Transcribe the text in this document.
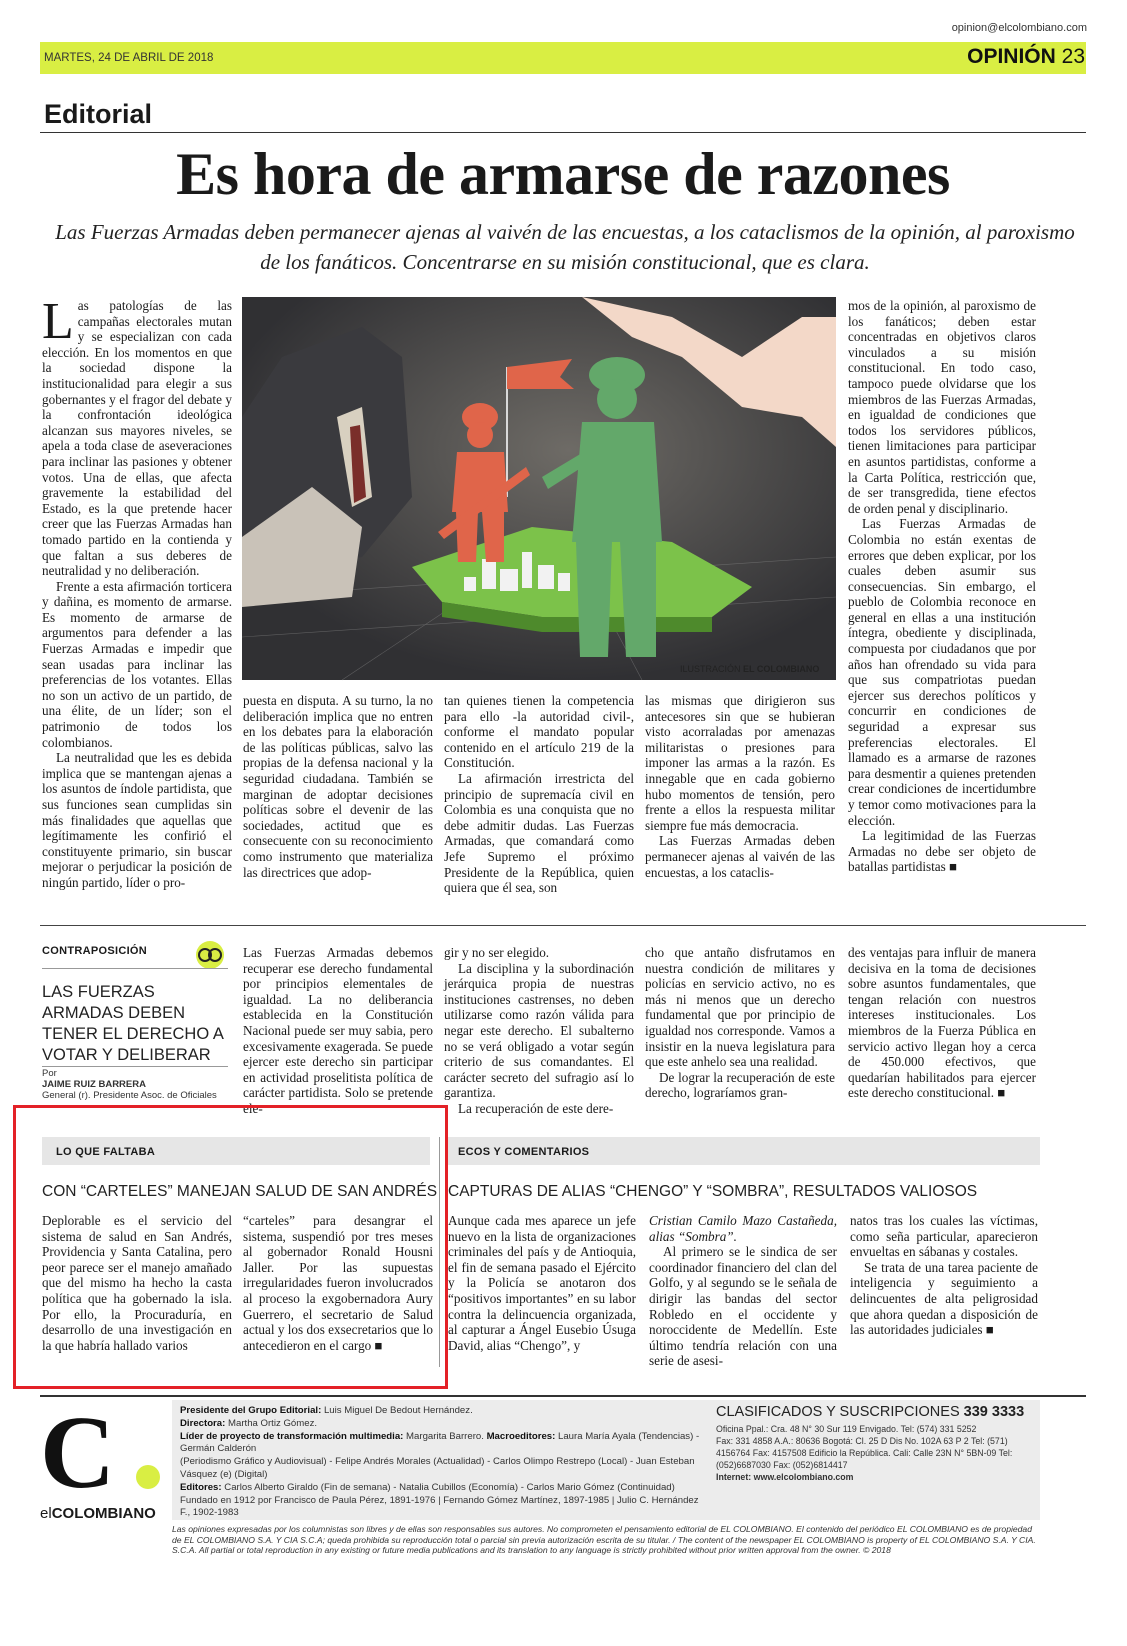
opinion@elcolombiano.com
MARTES, 24 DE ABRIL DE 2018	OPINIÓN 23
Editorial
Es hora de armarse de razones
Las Fuerzas Armadas deben permanecer ajenas al vaivén de las encuestas, a los cataclismos de la opinión, al paroxismo de los fanáticos. Concentrarse en su misión constitucional, que es clara.

Las patologías de las campañas electorales mutan y se especializan con cada elección. En los momentos en que la sociedad dispone la institucionalidad para elegir a sus gobernantes y el fragor del debate y la confrontación ideológica alcanzan sus mayores niveles, se apela a toda clase de aseveraciones para inclinar las pasiones y obtener votos. Una de ellas, que afecta gravemente la estabilidad del Estado, es la que pretende hacer creer que las Fuerzas Armadas han tomado partido en la contienda y que faltan a sus deberes de neutralidad y no deliberación.

Frente a esta afirmación torticera y dañina, es momento de armarse. Es momento de armarse de argumentos para defender a las Fuerzas Armadas e impedir que sean usadas para inclinar las preferencias de los votantes. Ellas no son un activo de un partido, de una élite, de un líder; son el patrimonio de todos los colombianos.

La neutralidad que les es debida implica que se mantengan ajenas a los asuntos de índole partidista, que sus funciones sean cumplidas sin más finalidades que aquellas que legítimamente les confirió el constituyente primario, sin buscar mejorar o perjudicar la posición de ningún partido, líder o pro-

ILUSTRACIÓN EL COLOMBIANO

puesta en disputa. A su turno, la no deliberación implica que no entren en los debates para la elaboración de las políticas públicas, salvo las propias de la defensa nacional y la seguridad ciudadana. También se marginan de adoptar decisiones políticas sobre el devenir de las sociedades, actitud que es consecuente con su reconocimiento como instrumento que materializa las directrices que adop-

tan quienes tienen la competencia para ello -la autoridad civil-, conforme el mandato popular contenido en el artículo 219 de la Constitución.

La afirmación irrestricta del principio de supremacía civil en Colombia es una conquista que no debe admitir dudas. Las Fuerzas Armadas, que comandará como Jefe Supremo el próximo Presidente de la República, quien quiera que él sea, son

las mismas que dirigieron sus antecesores sin que se hubieran visto acorraladas por amenazas militaristas o presiones para imponer las armas a la razón. Es innegable que en cada gobierno hubo momentos de tensión, pero frente a ellos la respuesta militar siempre fue más democracia.

Las Fuerzas Armadas deben permanecer ajenas al vaivén de las encuestas, a los cataclis-

mos de la opinión, al paroxismo de los fanáticos; deben estar concentradas en objetivos claros vinculados a su misión constitucional. En todo caso, tampoco puede olvidarse que los miembros de las Fuerzas Armadas, en igualdad de condiciones que todos los servidores públicos, tienen limitaciones para participar en asuntos partidistas, conforme a la Carta Política, restricción que, de ser transgredida, tiene efectos de orden penal y disciplinario.

Las Fuerzas Armadas de Colombia no están exentas de errores que deben explicar, por los cuales deben asumir sus consecuencias. Sin embargo, el pueblo de Colombia reconoce en general en ellas a una institución íntegra, obediente y disciplinada, compuesta por ciudadanos que por años han ofrendado su vida para que sus compatriotas puedan ejercer sus derechos políticos y concurrir en condiciones de seguridad a expresar sus preferencias electorales. El llamado es a armarse de razones para desmentir a quienes pretenden crear condiciones de incertidumbre y temor como motivaciones para la elección.

La legitimidad de las Fuerzas Armadas no debe ser objeto de batallas partidistas ■

CONTRAPOSICIÓN
LAS FUERZAS ARMADAS DEBEN TENER EL DERECHO A VOTAR Y DELIBERAR
Por
JAIME RUIZ BARRERA
General (r). Presidente Asoc. de Oficiales

Las Fuerzas Armadas debemos recuperar ese derecho fundamental por principios elementales de igualdad. La no deliberancia establecida en la Constitución Nacional puede ser muy sabia, pero excesivamente exagerada. Se puede ejercer este derecho sin participar en actividad proselitista política de carácter partidista. Solo se pretende ele-

gir y no ser elegido.

La disciplina y la subordinación jerárquica propia de nuestras instituciones castrenses, no deben utilizarse como razón válida para negar este derecho. El subalterno no se verá obligado a votar según criterio de sus comandantes. El carácter secreto del sufragio así lo garantiza.

La recuperación de este dere-

cho que antaño disfrutamos en nuestra condición de militares y policías en servicio activo, no es más ni menos que un derecho fundamental que por principio de igualdad nos corresponde. Vamos a insistir en la nueva legislatura para que este anhelo sea una realidad.

De lograr la recuperación de este derecho, lograríamos gran-

des ventajas para influir de manera decisiva en la toma de decisiones sobre asuntos fundamentales, que tengan relación con nuestros intereses institucionales. Los miembros de la Fuerza Pública en servicio activo llegan hoy a cerca de 450.000 efectivos, que quedarían habilitados para ejercer este derecho constitucional. ■

LO QUE FALTABA	ECOS Y COMENTARIOS
CON “CARTELES” MANEJAN SALUD DE SAN ANDRÉS CAPTURAS DE ALIAS “CHENGO” Y “SOMBRA”, RESULTADOS VALIOSOS

Deplorable es el servicio del sistema de salud en San Andrés, Providencia y Santa Catalina, pero peor parece ser el manejo amañado que del mismo ha hecho la casta política que ha gobernado la isla. Por ello, la Procuraduría, en desarrollo de una investigación en la que habría hallado varios

“carteles” para desangrar el sistema, suspendió por tres meses al gobernador Ronald Housni Jaller. Por las supuestas irregularidades fueron involucrados al proceso la exgobernadora Aury Guerrero, el secretario de Salud actual y los dos exsecretarios que lo antecedieron en el cargo ■

Aunque cada mes aparece un jefe nuevo en la lista de organizaciones criminales del país y de Antioquia, el fin de semana pasado el Ejército y la Policía se anotaron dos “positivos importantes” en su labor contra la delincuencia organizada, al capturar a Ángel Eusebio Úsuga David, alias “Chengo”, y

Cristian Camilo Mazo Castañeda, alias “Sombra”.

Al primero se le sindica de ser coordinador financiero del clan del Golfo, y al segundo se le señala de dirigir las bandas del sector Robledo en el occidente y noroccidente de Medellín. Este último tendría relación con una serie de asesi-

natos tras los cuales las víctimas, como seña particular, aparecieron envueltas en sábanas y costales.

Se trata de una tarea paciente de inteligencia y seguimiento a delincuentes de alta peligrosidad que ahora quedan a disposición de las autoridades judiciales ■

C
elCOLOMBIANO
Presidente del Grupo Editorial: Luis Miguel De Bedout Hernández.
Directora: Martha Ortiz Gómez.
Líder de proyecto de transformación multimedia: Margarita Barrero. Macroeditores: Laura María Ayala (Tendencias) - Germán Calderón
(Periodismo Gráfico y Audiovisual) - Felipe Andrés Morales (Actualidad) - Carlos Olimpo Restrepo (Local) - Juan Esteban Vásquez (e) (Digital)
Editores: Carlos Alberto Giraldo (Fin de semana) - Natalia Cubillos (Economía) - Carlos Mario Gómez (Continuidad)
Fundado en 1912 por Francisco de Paula Pérez, 1891-1976 | Fernando Gómez Martínez, 1897-1985 | Julio C. Hernández F., 1902-1983
CLASIFICADOS Y SUSCRIPCIONES 339 3333
Oficina Ppal.: Cra. 48 N° 30 Sur 119 Envigado. Tel: (574) 331 5252
Fax: 331 4858 A.A.: 80636 Bogotá: Cl. 25 D Dis No. 102A 63 P 2 Tel: (571)
4156764 Fax: 4157508 Edificio la República. Cali: Calle 23N N° 5BN-09 Tel:
(052)6687030 Fax: (052)6814417
Internet: www.elcolombiano.com
Las opiniones expresadas por los columnistas son libres y de ellas son responsables sus autores. No comprometen el pensamiento editorial de EL COLOMBIANO. El contenido del periódico EL COLOMBIANO es de propiedad de EL COLOMBIANO S.A. Y CIA S.C.A; queda prohibida su reproducción total o parcial sin previa autorización escrita de su titular. / The content of the newspaper EL COLOMBIANO is property of EL COLOMBIANO S.A. Y CIA. S.C.A. All partial or total reproduction in any existing or future media publications and its translation to any language is strictly prohibited without prior written approval from the owner. © 2018
